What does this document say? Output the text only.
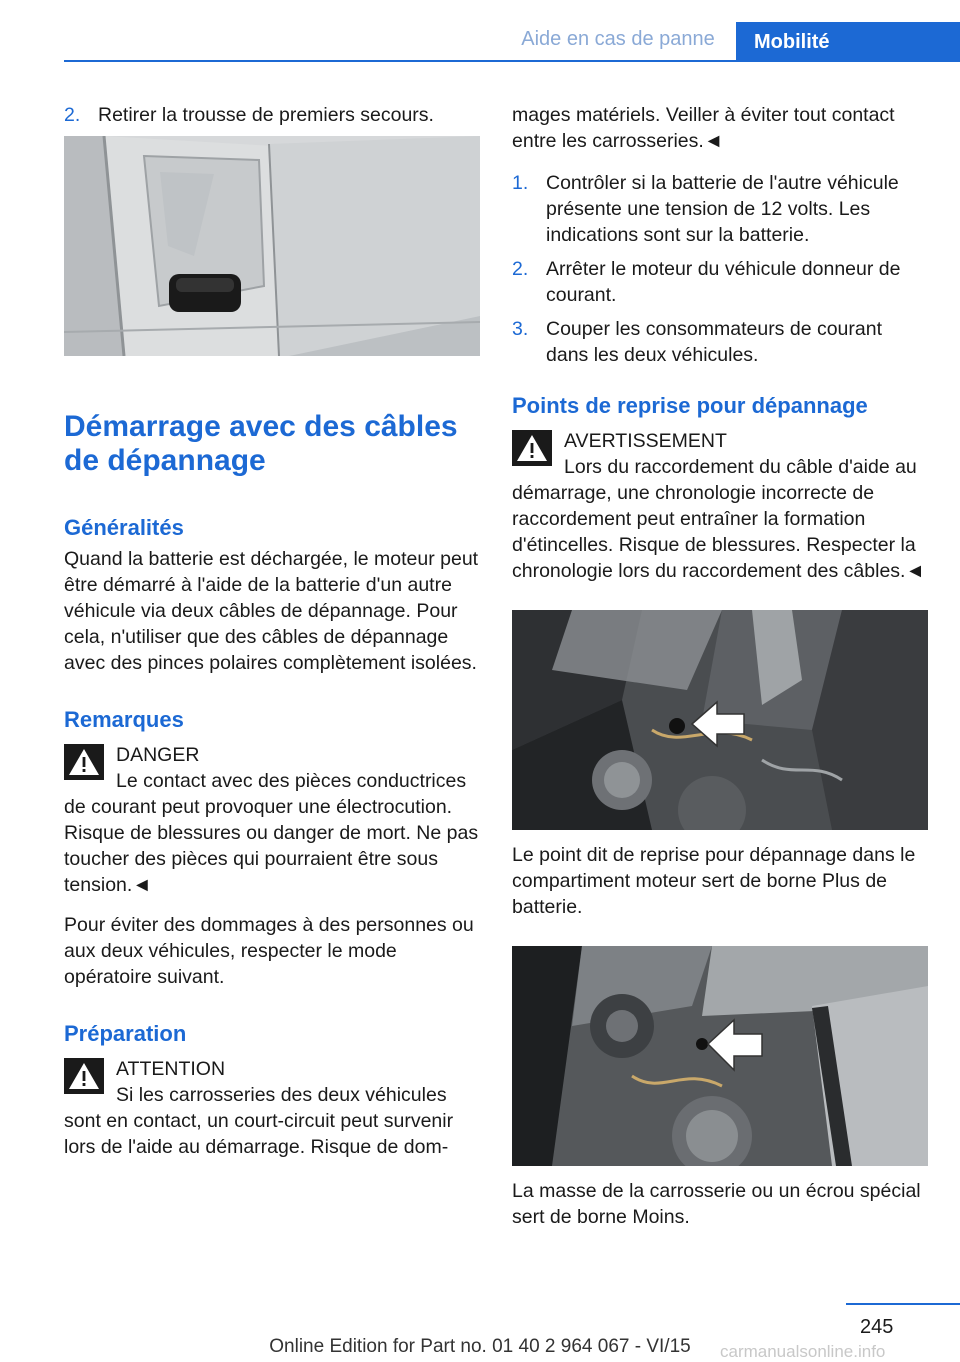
Aide en cas de panne	Mobilité
2. Retirer la trousse de premiers secours.
Démarrage avec des câbles de dépannage
Généralités

Quand la batterie est déchargée, le moteur peut être démarré à l'aide de la batterie d'un autre véhicule via deux câbles de dépannage. Pour cela, n'utiliser que des câbles de dépannage avec des pinces polaires complètement isolées.

Remarques
DANGER
Le contact avec des pièces conductrices
de courant peut provoquer une électrocution. Risque de blessures ou danger de mort. Ne pas toucher des pièces qui pourraient être sous tension.◄

Pour éviter des dommages à des personnes ou aux deux véhicules, respecter le mode opératoire suivant.

Préparation
ATTENTION
Si les carrosseries des deux véhicules
sont en contact, un court-circuit peut survenir lors de l'aide au démarrage. Risque de dom-

mages matériels. Veiller à éviter tout contact entre les carrosseries.◄

1. Contrôler si la batterie de l'autre véhicule présente une tension de 12 volts. Les indications sont sur la batterie.
2. Arrêter le moteur du véhicule donneur de courant.
3. Couper les consommateurs de courant dans les deux véhicules.
Points de reprise pour dépannage
AVERTISSEMENT
Lors du raccordement du câble d'aide au
démarrage, une chronologie incorrecte de raccordement peut entraîner la formation d'étincelles. Risque de blessures. Respecter la chronologie lors du raccordement des câbles.◄

Le point dit de reprise pour dépannage dans le compartiment moteur sert de borne Plus de batterie.

La masse de la carrosserie ou un écrou spécial sert de borne Moins.

245
Online Edition for Part no. 01 40 2 964 067 - VI/15	carmanualsonline.info
